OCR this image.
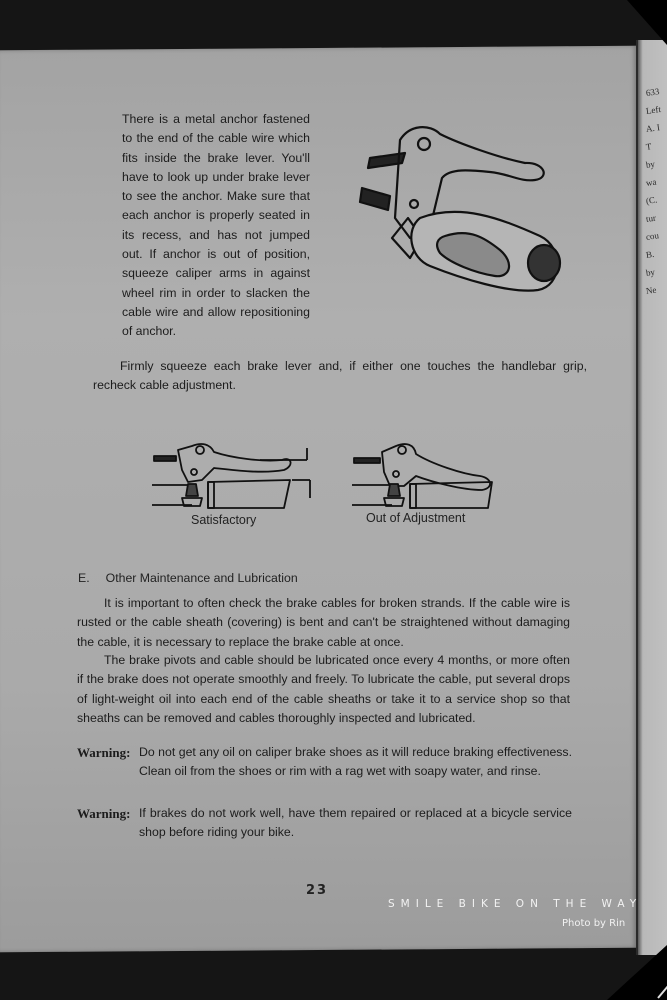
633
Left
A. I
T
by
wa
(C.
tur
cou
B.
by
Ne

There is a metal anchor fastened to the end of the cable wire which fits inside the brake lever. You'll have to look up under brake lever to see the anchor. Make sure that each anchor is properly seated in its recess, and has not jumped out. If anchor is out of position, squeeze caliper arms in against wheel rim in order to slacken the cable wire and allow repositioning of anchor.

Firmly squeeze each brake lever and, if either one touches the handlebar grip, recheck cable adjustment.

Satisfactory	Out of Adjustment
E. Other Maintenance and Lubrication

It is important to often check the brake cables for broken strands. If the cable wire is rusted or the cable sheath (covering) is bent and can't be straightened without damaging the cable, it is necessary to replace the brake cable at once.

The brake pivots and cable should be lubricated once every 4 months, or more often if the brake does not operate smoothly and freely. To lubricate the cable, put several drops of light-weight oil into each end of the cable sheaths or take it to a service shop so that sheaths can be removed and cables thoroughly inspected and lubricated.

Warning: Do not get any oil on caliper brake shoes as it will reduce braking effectiveness. Clean oil from the shoes or rim with a rag wet with soapy water, and rinse.
Warning: If brakes do not work well, have them repaired or replaced at a bicycle service shop before riding your bike.
23
SMILE BIKE ON THE WAY
Photo by Rin
